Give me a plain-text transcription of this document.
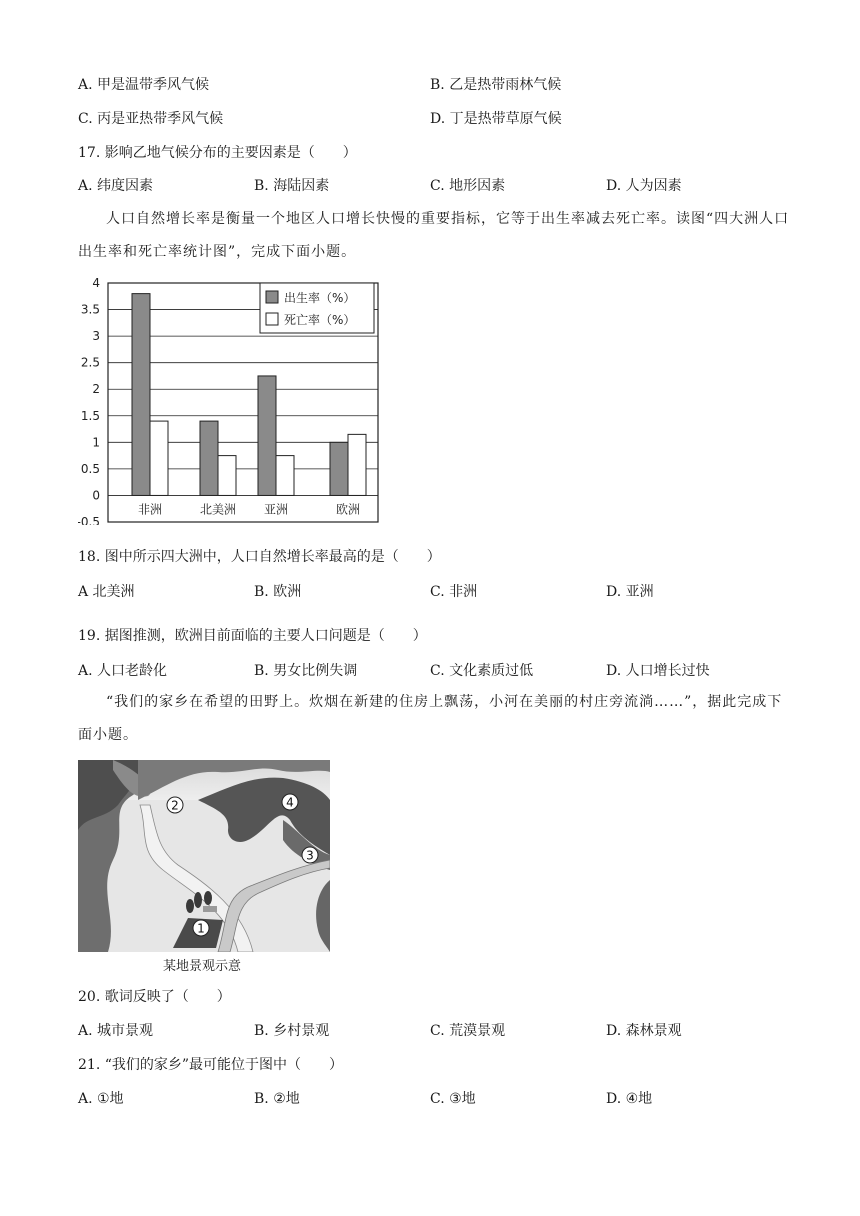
A. 甲是温带季风气候	B. 乙是热带雨林气候
C. 丙是亚热带季风气候	D. 丁是热带草原气候
17. 影响乙地气候分布的主要因素是（　　）
A. 纬度因素	B. 海陆因素	C. 地形因素	D. 人为因素
人口自然增长率是衡量一个地区人口增长快慢的重要指标，它等于出生率减去死亡率。读图“四大洲人口出生率和死亡率统计图”，完成下面小题。
4
3.5
3
2.5
2
1.5
1
0.5
0
-0.5
非洲	北美洲 亚洲	欧洲
出生率（%）
死亡率（%）
18. 图中所示四大洲中，人口自然增长率最高的是（　　）
A 北美洲	B. 欧洲	C. 非洲	D. 亚洲
19. 据图推测，欧洲目前面临的主要人口问题是（　　）
A. 人口老龄化	B. 男女比例失调	C. 文化素质过低	D. 人口增长过快
“我们的家乡在希望的田野上。炊烟在新建的住房上飘荡，小河在美丽的村庄旁流淌……”，据此完成下面小题。
1
2
3
4
某地景观示意
20. 歌词反映了（　　）
A. 城市景观	B. 乡村景观	C. 荒漠景观	D. 森林景观
21. “我们的家乡”最可能位于图中（　　）
A. ①地	B. ②地	C. ③地	D. ④地
